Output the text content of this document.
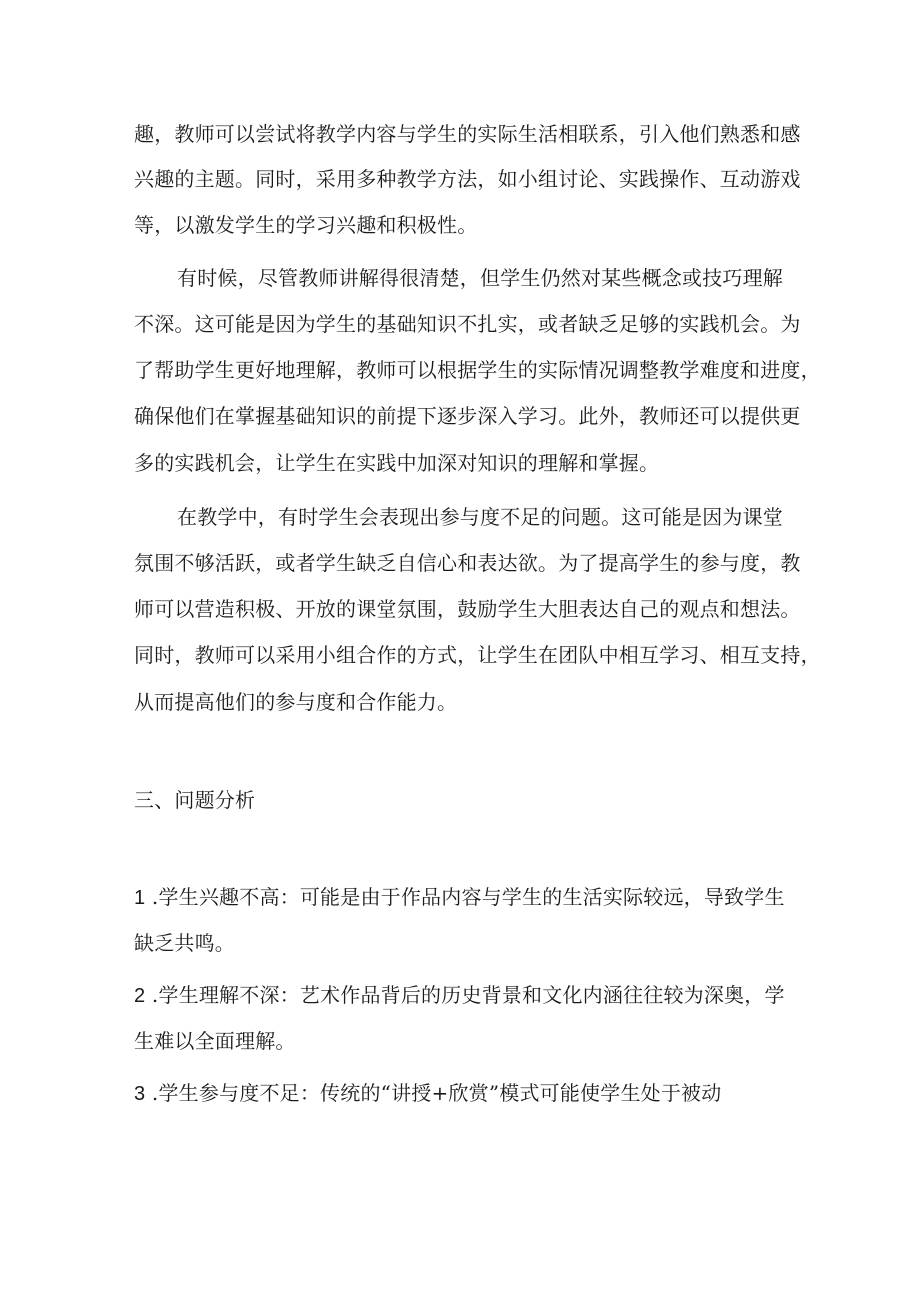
趣，教师可以尝试将教学内容与学生的实际生活相联系，引入他们熟悉和感
兴趣的主题。同时，采用多种教学方法，如小组讨论、实践操作、互动游戏
等，以激发学生的学习兴趣和积极性。
有时候，尽管教师讲解得很清楚，但学生仍然对某些概念或技巧理解
不深。这可能是因为学生的基础知识不扎实，或者缺乏足够的实践机会。为
了帮助学生更好地理解，教师可以根据学生的实际情况调整教学难度和进度，
确保他们在掌握基础知识的前提下逐步深入学习。此外，教师还可以提供更
多的实践机会，让学生在实践中加深对知识的理解和掌握。
在教学中，有时学生会表现出参与度不足的问题。这可能是因为课堂
氛围不够活跃，或者学生缺乏自信心和表达欲。为了提高学生的参与度，教
师可以营造积极、开放的课堂氛围，鼓励学生大胆表达自己的观点和想法。
同时，教师可以采用小组合作的方式，让学生在团队中相互学习、相互支持，
从而提高他们的参与度和合作能力。
三、问题分析
1 .学生兴趣不高：可能是由于作品内容与学生的生活实际较远，导致学生
缺乏共鸣。
2 .学生理解不深：艺术作品背后的历史背景和文化内涵往往较为深奥，学
生难以全面理解。
3 .学生参与度不足：传统的“讲授+欣赏”模式可能使学生处于被动
